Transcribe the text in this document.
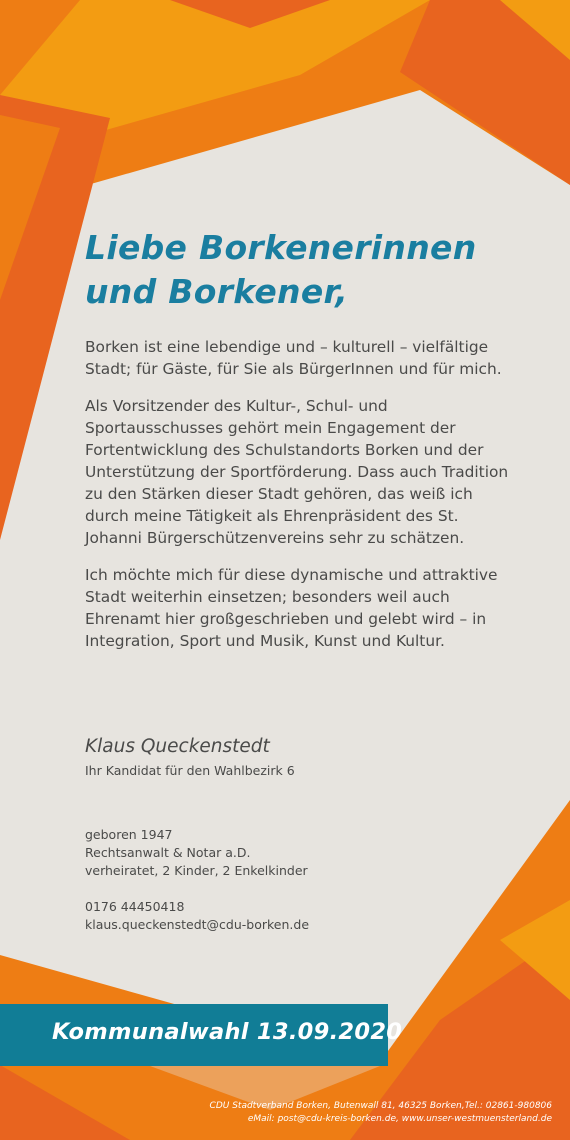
Liebe Borkenerinnen
und Borkener,

Borken ist eine lebendige und – kulturell – vielfältige Stadt; für Gäste, für Sie als BürgerInnen und für mich.

Als Vorsitzender des Kultur-, Schul- und Sportausschusses gehört mein Engagement der Fortentwicklung des Schulstandorts Borken und der Unterstützung der Sportförderung. Dass auch Tradition zu den Stärken dieser Stadt gehören, das weiß ich durch meine Tätigkeit als Ehrenpräsident des St. Johanni Bürgerschützenvereins sehr zu schätzen.

Ich möchte mich für diese dynamische und attraktive Stadt weiterhin einsetzen; besonders weil auch Ehrenamt hier großgeschrieben und gelebt wird – in Integration, Sport und Musik, Kunst und Kultur.

Klaus Queckenstedt

Ihr Kandidat für den Wahlbezirk 6

geboren 1947

Rechtsanwalt & Notar a.D.

verheiratet, 2 Kinder, 2 Enkelkinder

0176 44450418

klaus.queckenstedt@cdu-borken.de

Kommunalwahl 13.09.2020

CDU Stadtverband Borken, Butenwall 81, 46325 Borken,Tel.: 02861-980806

eMail: post@cdu-kreis-borken.de, www.unser-westmuensterland.de
